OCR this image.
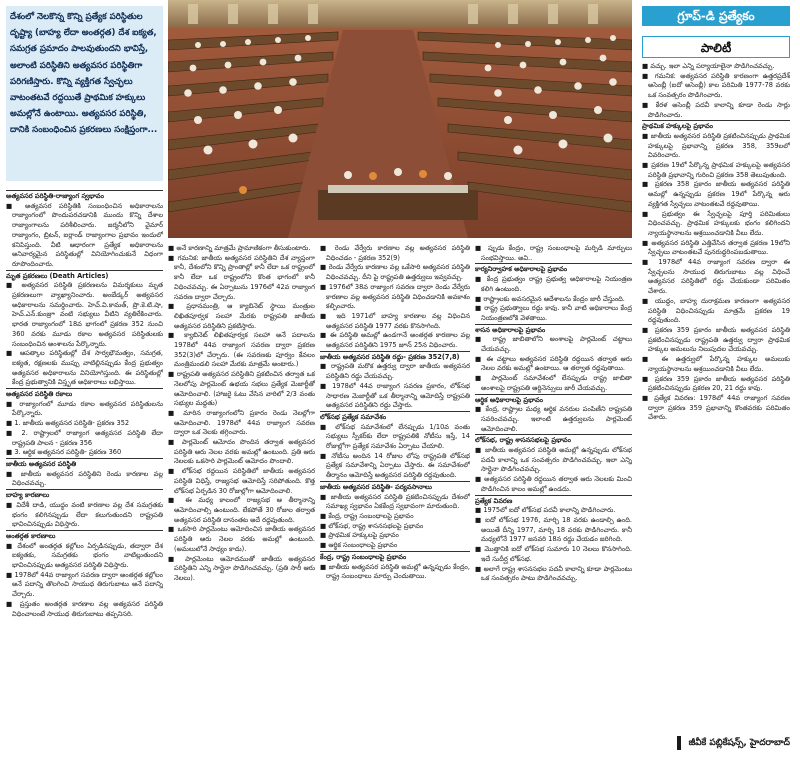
దేశంలో నెలకొన్న కొన్ని ప్రత్యేక పరిస్థితుల దృష్ట్యా (బాహ్య లేదా అంతర్గత) దేశ ఐక్యత, సమగ్రత ప్రమాదం పాలవుతుందని భావిస్తే, అలాంటి పరిస్థితిని అత్యవసర పరిస్థితిగా పరిగణిస్తారు. కొన్ని వ్యక్తిగత స్వేచ్ఛలు వాటంతటవే రద్దయితే ప్రాథమిక హక్కులు అమల్లోనే ఉంటాయి. అత్యవసర పరిస్థితి, దానికి సంబంధించిన ప్రకరణలు సంక్షిప్తంగా...
గ్రూప్-డి ప్రత్యేకం
పాలిటీ

అత్యవసర పరిస్థితి-రాజ్యాంగ స్వభావం

■ అత్యవసర పరిస్థితికి సంబంధించిన అధికారాలను రాజ్యాంగంలో పొందుపరచడానికి ముందు కొన్ని దేశాల రాజ్యాంగాలను పరిశీలించారు. జర్మనీలోని వైమార్ రాజ్యాంగం, బ్రిటన్, ఐర్లాండ్ రాజ్యాంగాల ప్రభావం ఇందులో కనిపిస్తుంది. వీటి ఆధారంగా ప్రత్యేక అధికారాలను అనివార్యమైన పరిస్థితుల్లో వినియోగించుకునే విధంగా రూపొందించారు.

మృత ప్రకరణలు (Death Articles)

■ అత్యవసర పరిస్థితి ప్రకరణలను విమర్శకులు మృత ప్రకరణలుగా వ్యాఖ్యానించారు. అంబేడ్కర్ అత్యవసర అధికారాలను సమర్థించారు. హెచ్.వి.కామత్, ప్రొ.కె.టి.షా, హెచ్.ఎన్.కుంజ్రూ వంటి సభ్యులు వీటిని వ్యతిరేకించారు. భారత రాజ్యాంగంలో 18వ భాగంలో ప్రకరణ 352 నుంచి 360 వరకు మూడు రకాల అత్యవసర పరిస్థితులకు సంబంధించిన అంశాలను పేర్కొన్నారు.

■ ఆపత్కాల పరిస్థితుల్లో దేశ సార్వభౌమత్వం, సమగ్రత, ఐక్యత, రక్షణలకు ముప్పు వాటిల్లినప్పుడు కేంద్ర ప్రభుత్వం అత్యవసర అధికారాలను వినియోగిస్తుంది. ఈ పరిస్థితుల్లో కేంద్ర ప్రభుత్వానికి విస్తృత అధికారాలు లభిస్తాయి.

అత్యవసర పరిస్థితి రకాలు

■ రాజ్యాంగంలో మూడు రకాల అత్యవసర పరిస్థితులను పేర్కొన్నారు.

■ 1. జాతీయ అత్యవసర పరిస్థితి- ప్రకరణ 352

■ 2. రాష్ట్రాలలో రాజ్యాంగ అత్యవసర పరిస్థితి లేదా రాష్ట్రపతి పాలన - ప్రకరణ 356

■ 3. ఆర్థిక అత్యవసర పరిస్థితి- ప్రకరణ 360

జాతీయ అత్యవసర పరిస్థితి

■ జాతీయ అత్యవసర పరిస్థితిని రెండు కారణాల వల్ల విధించవచ్చు.

బాహ్య కారణాలు

■ విదేశీ దాడి, యుద్ధం వంటి కారణాల వల్ల దేశ సమగ్రతకు భంగం కలిగినప్పుడు లేదా కలుగుతుందని రాష్ట్రపతి భావించినప్పుడు విధిస్తారు.

అంతర్గత కారణాలు

■ దేశంలో అంతర్గత కల్లోలం ఏర్పడినప్పుడు, తద్వారా దేశ ఐక్యతకు, సమగ్రతకు భంగం వాటిల్లుతుందని భావించినప్పుడు అత్యవసర పరిస్థితి విధిస్తారు.

■ 1978లో 44వ రాజ్యాంగ సవరణ ద్వారా అంతర్గత కల్లోలం అనే పదాన్ని తొలగించి సాయుధ తిరుగుబాటు అనే పదాన్ని చేర్చారు.

■ ప్రస్తుతం అంతర్గత కారణాల వల్ల అత్యవసర పరిస్థితి విధించాలంటే సాయుధ తిరుగుబాటు తప్పనిసరి.

■ అనే కారణాన్ని మాత్రమే ప్రామాణికంగా తీసుకుంటారు.

■ గమనిక: జాతీయ అత్యవసర పరిస్థితిని దేశ వ్యాప్తంగా కానీ, దేశంలోని కొన్ని ప్రాంతాల్లో కానీ లేదా ఒక రాష్ట్రంలో కానీ లేదా ఒక రాష్ట్రంలోని కొంత భాగంలో కానీ విధించవచ్చు. ఈ ఏర్పాటును 1976లో 42వ రాజ్యాంగ సవరణ ద్వారా చేర్చారు.

■ ప్రధానమంత్రి, ఆ క్యాబినెట్ స్థాయి మంత్రుల లిఖితపూర్వక సలహా మేరకు రాష్ట్రపతి జాతీయ అత్యవసర పరిస్థితిని ప్రకటిస్తారు.

■ క్యాబినెట్ లిఖితపూర్వక సలహా అనే పదాలను 1978లో 44వ రాజ్యాంగ సవరణ ద్వారా ప్రకరణ 352(3)లో చేర్చారు. (ఈ సవరణకు పూర్వం కేవలం మంత్రిమండలి సలహా మేరకు మాత్రమే అంటారు.)

■ రాష్ట్రపతి అత్యవసర పరిస్థితిని ప్రకటించిన తర్వాత ఒక నెలలోపు పార్లమెంట్ ఉభయ సభలు ప్రత్యేక మెజార్టీతో ఆమోదించాలి. (హాజరై ఓటు వేసిన వారిలో 2/3 వంతు సభ్యుల మద్దతు)

■ మారిన రాజ్యాంగంలోని ప్రకారం రెండు నెలల్లోగా ఆమోదించాలి. 1978లో 44వ రాజ్యాంగ సవరణ ద్వారా ఒక నెలకు తగ్గించారు.

■ పార్లమెంట్ ఆమోదం పొందిన తర్వాత అత్యవసర పరిస్థితి ఆరు నెలల వరకు అమల్లో ఉంటుంది. ప్రతి ఆరు నెలలకు ఒకసారి పార్లమెంట్ ఆమోదం పొందాలి.

■ లోక్‌సభ రద్దయిన పరిస్థితిలో జాతీయ అత్యవసర పరిస్థితి విధిస్తే, రాజ్యసభ ఆమోదిస్తే సరిపోతుంది. కొత్త లోక్‌సభ ఏర్పడిన 30 రోజుల్లోగా ఆమోదించాలి.

■ ఈ మధ్య కాలంలో రాజ్యసభ ఆ తీర్మానాన్ని ఆమోదించాల్సి ఉంటుంది. లేకపోతే 30 రోజుల తర్వాత అత్యవసర పరిస్థితి దానంతట అదే రద్దవుతుంది.

■ ఒకసారి పార్లమెంటు ఆమోదించిన జాతీయ అత్యవసర పరిస్థితి ఆరు నెలల వరకు అమల్లో ఉంటుంది. (అమలులోనే సాధ్యం కాదు).

■ పార్లమెంటు ఆమోదముతో జాతీయ అత్యవసర పరిస్థితిని ఎన్ని సార్లైనా పొడిగించవచ్చు. (ప్రతి సారీ ఆరు నెలలు).

■ రెండు వేర్వేరు కారణాల వల్ల అత్యవసర పరిస్థితి విధించడం - ప్రకరణ 352(9)

■ రెండు వేర్వేరు కారణాల వల్ల ఒకేసారి అత్యవసర పరిస్థితి విధించవచ్చు. దీని పై రాష్ట్రపతి ఉత్తర్వులు ఇవ్వవచ్చు.

■ 1976లో 38వ రాజ్యాంగ సవరణ ద్వారా రెండు వేర్వేరు కారణాల వల్ల అత్యవసర పరిస్థితి విధించడానికి అవకాశం కల్పించారు.

■ ఇది 1971లో బాహ్య కారణాల వల్ల విధించిన అత్యవసర పరిస్థితి 1977 వరకు కొనసాగింది.

■ ఈ పరిస్థితి అమల్లో ఉండగానే అంతర్గత కారణాల వల్ల అత్యవసర పరిస్థితిని 1975 జూన్ 25న విధించారు.

జాతీయ అత్యవసర పరిస్థితి రద్దు- ప్రకరణ 352(7,8)

■ రాష్ట్రపతి మరొక ఉత్తర్వు ద్వారా జాతీయ అత్యవసర పరిస్థితిని రద్దు చేయవచ్చు.

■ 1978లో 44వ రాజ్యాంగ సవరణ ప్రకారం, లోక్‌సభ సాధారణ మెజార్టీతో ఒక తీర్మానాన్ని ఆమోదిస్తే రాష్ట్రపతి అత్యవసర పరిస్థితిని రద్దు చేస్తారు.

లోక్‌సభ ప్రత్యేక సమావేశం

■ లోక్‌సభ సమావేశంలో లేనప్పుడు 1/10వ వంతు సభ్యులు స్పీకర్‌కు లేదా రాష్ట్రపతికి నోటీసు ఇస్తే, 14 రోజుల్లోగా ప్రత్యేక సమావేశం ఏర్పాటు చేయాలి.

■ నోటీసు అందిన 14 రోజుల లోపు రాష్ట్రపతి లోక్‌సభ ప్రత్యేక సమావేశాన్ని ఏర్పాటు చేస్తారు. ఈ సమావేశంలో తీర్మానం ఆమోదిస్తే అత్యవసర పరిస్థితి రద్దవుతుంది.

జాతీయ అత్యవసర పరిస్థితి- పర్యవసానాలు

■ జాతీయ అత్యవసర పరిస్థితి ప్రకటించినప్పుడు దేశంలో సమాఖ్య స్వభావం ఏకకేంద్ర స్వభావంగా మారుతుంది.

■ కేంద్ర, రాష్ట్ర సంబంధాలపై ప్రభావం

■ లోక్‌సభ, రాష్ట్ర శాసనసభలపై ప్రభావం

■ ప్రాథమిక హక్కులపై ప్రభావం

■ ఆర్థిక సంబంధాలపై ప్రభావం

కేంద్ర, రాష్ట్ర సంబంధాలపై ప్రభావం

■ జాతీయ అత్యవసర పరిస్థితి అమల్లో ఉన్నప్పుడు కేంద్రం, రాష్ట్ర సంబంధాలు మార్పు చెందుతాయి.

■ ప్పుడు కేంద్రం, రాష్ట్ర సంబంధాలపై మర్పిడి మార్పులు సంభవిస్తాయి. అవి..

కార్యనిర్వాహక అధికారాలపై ప్రభావం

■ కేంద్ర ప్రభుత్వం రాష్ట్ర ప్రభుత్వ అధికారాలపై నియంత్రణ కలిగి ఉంటుంది.

■ రాష్ట్రాలకు అవసరమైన ఆదేశాలను కేంద్రం జారీ చేస్తుంది.

■ రాష్ట్ర ప్రభుత్వాలు రద్దు కావు. కానీ వాటి అధికారాలు కేంద్ర నియంత్రణలోకి వెళతాయి.

శాసన అధికారాలపై ప్రభావం

■ రాష్ట్ర జాబితాలోని అంశాలపై పార్లమెంట్ చట్టాలు చేయవచ్చు.

■ ఈ చట్టాలు అత్యవసర పరిస్థితి రద్దయిన తర్వాత ఆరు నెలల వరకు అమల్లో ఉంటాయి. ఆ తర్వాత రద్దవుతాయి.

■ పార్లమెంట్ సమావేశంలో లేనప్పుడు రాష్ట్ర జాబితా అంశాలపై రాష్ట్రపతి ఆర్డినెన్సులు జారీ చేయవచ్చు.

ఆర్థిక అధికారాలపై ప్రభావం

■ కేంద్ర, రాష్ట్రాల మధ్య ఆర్థిక వనరుల పంపిణీని రాష్ట్రపతి సవరించవచ్చు. ఇలాంటి ఉత్తర్వులను పార్లమెంట్ ఆమోదించాలి.

లోక్‌సభ, రాష్ట్ర శాసనసభలపై ప్రభావం

■ జాతీయ అత్యవసర పరిస్థితి అమల్లో ఉన్నప్పుడు లోక్‌సభ పదవీ కాలాన్ని ఒక సంవత్సరం పొడిగించవచ్చు. ఇలా ఎన్ని సార్లైనా పొడిగించవచ్చు.

■ అత్యవసర పరిస్థితి రద్దయిన తర్వాత ఆరు నెలలకు మించి పొడిగించిన కాలం అమల్లో ఉండదు.

ప్రత్యేక వివరణ

■ 1975లో ఐదో లోక్‌సభ పదవీ కాలాన్ని పొడిగించారు.

■ ఐదో లోక్‌సభ 1976, మార్చి 18 వరకు ఉండాల్సి ఉంది. అయితే దీన్ని 1977, మార్చి 18 వరకు పొడిగించారు. కానీ మధ్యలోనే 1977 జనవరి 18న రద్దు చేయడం జరిగింది.

■ మొత్తానికి ఐదో లోక్‌సభ సుమారు 10 నెలలు కొనసాగింది. ఇదే సుదీర్ఘ లోక్‌సభ.

■ అలాగే రాష్ట్ర శాసనసభల పదవీ కాలాన్ని కూడా పార్లమెంటు ఒక సంవత్సరం పాటు పొడిగించవచ్చు.

■ వచ్చు. ఇలా ఎన్ని పర్యాయాలైనా పొడిగించవచ్చు.

■ గమనిక: అత్యవసర పరిస్థితి కారణంగా ఉత్తరప్రదేశ్ అసెంబ్లీ (ఐదో అసెంబ్లీ) కాల పరిమితి 1977-78 వరకు ఒక సంవత్సరం పొడిగించారు.

■ కేరళ అసెంబ్లీ పదవీ కాలాన్ని కూడా రెండు సార్లు పొడిగించారు.

ప్రాథమిక హక్కులపై ప్రభావం

■ జాతీయ అత్యవసర పరిస్థితి ప్రకటించినప్పుడు ప్రాథమిక హక్కులపై ప్రభావాన్ని ప్రకరణ 358, 359లలో వివరించారు.

■ ప్రకరణ 19లో పేర్కొన్న ప్రాథమిక హక్కులపై అత్యవసర పరిస్థితి ప్రభావాన్ని గురించి ప్రకరణ 358 తెలుపుతుంది.

■ ప్రకరణ 358 ప్రకారం జాతీయ అత్యవసర పరిస్థితి అమల్లో ఉన్నప్పుడు ప్రకరణ 19లో పేర్కొన్న ఆరు వ్యక్తిగత స్వేచ్ఛలు వాటంతటవే రద్దవుతాయి.

■ ప్రభుత్వం ఈ స్వేచ్ఛలపై పూర్తి పరిమితులు విధించవచ్చు. ప్రాథమిక హక్కులకు భంగం కలిగిందని న్యాయస్థానాలను ఆశ్రయించడానికి వీలు లేదు.

■ అత్యవసర పరిస్థితి ఎత్తివేసిన తర్వాత ప్రకరణ 19లోని స్వేచ్ఛలు వాటంతటవే పునరుద్ధరింపబడుతాయి.

■ 1978లో 44వ రాజ్యాంగ సవరణ ద్వారా ఈ స్వేచ్ఛలను సాయుధ తిరుగుబాటు వల్ల విధించే అత్యవసర పరిస్థితిలో రద్దు చేయకుండా పరిమితం చేశారు.

■ యుద్ధం, బాహ్య దురాక్రమణ కారణంగా అత్యవసర పరిస్థితి విధించినప్పుడు మాత్రమే ప్రకరణ 19 రద్దవుతుంది.

■ ప్రకరణ 359 ప్రకారం జాతీయ అత్యవసర పరిస్థితి ప్రకటించినప్పుడు రాష్ట్రపతి ఉత్తర్వు ద్వారా ప్రాథమిక హక్కుల అమలును నిలుపుదల చేయవచ్చు.

■ ఈ ఉత్తర్వులో పేర్కొన్న హక్కుల అమలుకు న్యాయస్థానాలను ఆశ్రయించడానికి వీలు లేదు.

■ ప్రకరణ 359 ప్రకారం జాతీయ అత్యవసర పరిస్థితి ప్రకటించినప్పుడు ప్రకరణ 20, 21 రద్దు కావు.

■ ప్రత్యేక వివరణ: 1978లో 44వ రాజ్యాంగ సవరణ ద్వారా ప్రకరణ 359 ప్రభావాన్ని కొంతవరకు పరిమితం చేశారు.

జీవీకే పబ్లికేషన్స్, హైదరాబాద్
